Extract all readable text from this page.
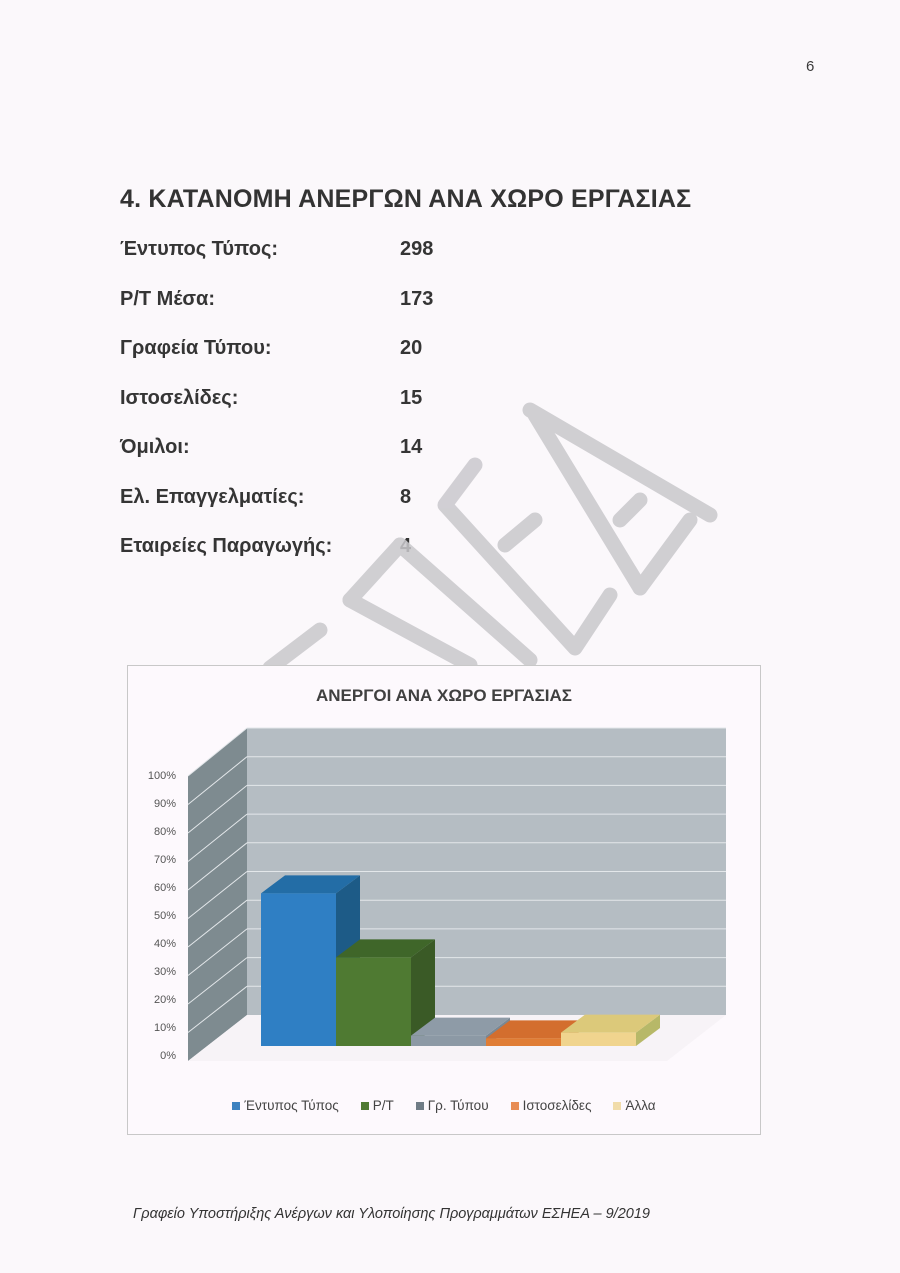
6
4. ΚΑΤΑΝΟΜΗ ΑΝΕΡΓΩΝ ΑΝΑ ΧΩΡΟ ΕΡΓΑΣΙΑΣ
Έντυπος Τύπος:	298
Ρ/Τ Μέσα:	173
Γραφεία Τύπου:	20
Ιστοσελίδες:	15
Όμιλοι:	14
Ελ. Επαγγελματίες:	8
Εταιρείες Παραγωγής:	4
ΑΝΕΡΓΟΙ ΑΝΑ ΧΩΡΟ ΕΡΓΑΣΙΑΣ
100%
90%
80%
70%
60%
50%
40%
30%
20%
10%
0%
Έντυπος Τύπος	Ρ/Τ	Γρ. Τύπου	Ιστοσελίδες	Άλλα
Γραφείο Υποστήριξης Ανέργων και Υλοποίησης Προγραμμάτων ΕΣΗΕΑ – 9/2019
